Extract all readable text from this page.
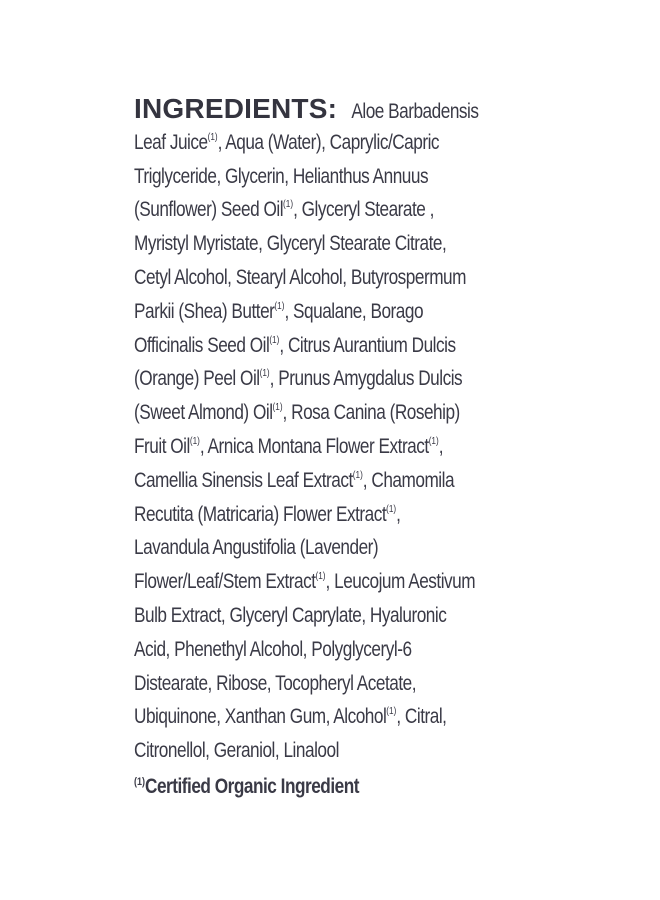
INGREDIENTS: Aloe Barbadensis
Leaf Juice$^{(1)}$, Aqua (Water), Caprylic/Capric
Triglyceride, Glycerin, Helianthus Annuus
(Sunflower) Seed Oil$^{(1)}$, Glyceryl Stearate ,
Myristyl Myristate, Glyceryl Stearate Citrate,
Cetyl Alcohol, Stearyl Alcohol, Butyrospermum
Parkii (Shea) Butter$^{(1)}$, Squalane, Borago
Officinalis Seed Oil$^{(1)}$, Citrus Aurantium Dulcis
(Orange) Peel Oil$^{(1)}$, Prunus Amygdalus Dulcis
(Sweet Almond) Oil$^{(1)}$, Rosa Canina (Rosehip)
Fruit Oil$^{(1)}$, Arnica Montana Flower Extract$^{(1)}$,
Camellia Sinensis Leaf Extract$^{(1)}$, Chamomila
Recutita (Matricaria) Flower Extract$^{(1)}$,
Lavandula Angustifolia (Lavender)
Flower/Leaf/Stem Extract$^{(1)}$, Leucojum Aestivum
Bulb Extract, Glyceryl Caprylate, Hyaluronic
Acid, Phenethyl Alcohol, Polyglyceryl-6
Distearate, Ribose, Tocopheryl Acetate,
Ubiquinone, Xanthan Gum, Alcohol$^{(1)}$, Citral,
Citronellol, Geraniol, Linalool
$^{(1)}$Certified Organic Ingredient
